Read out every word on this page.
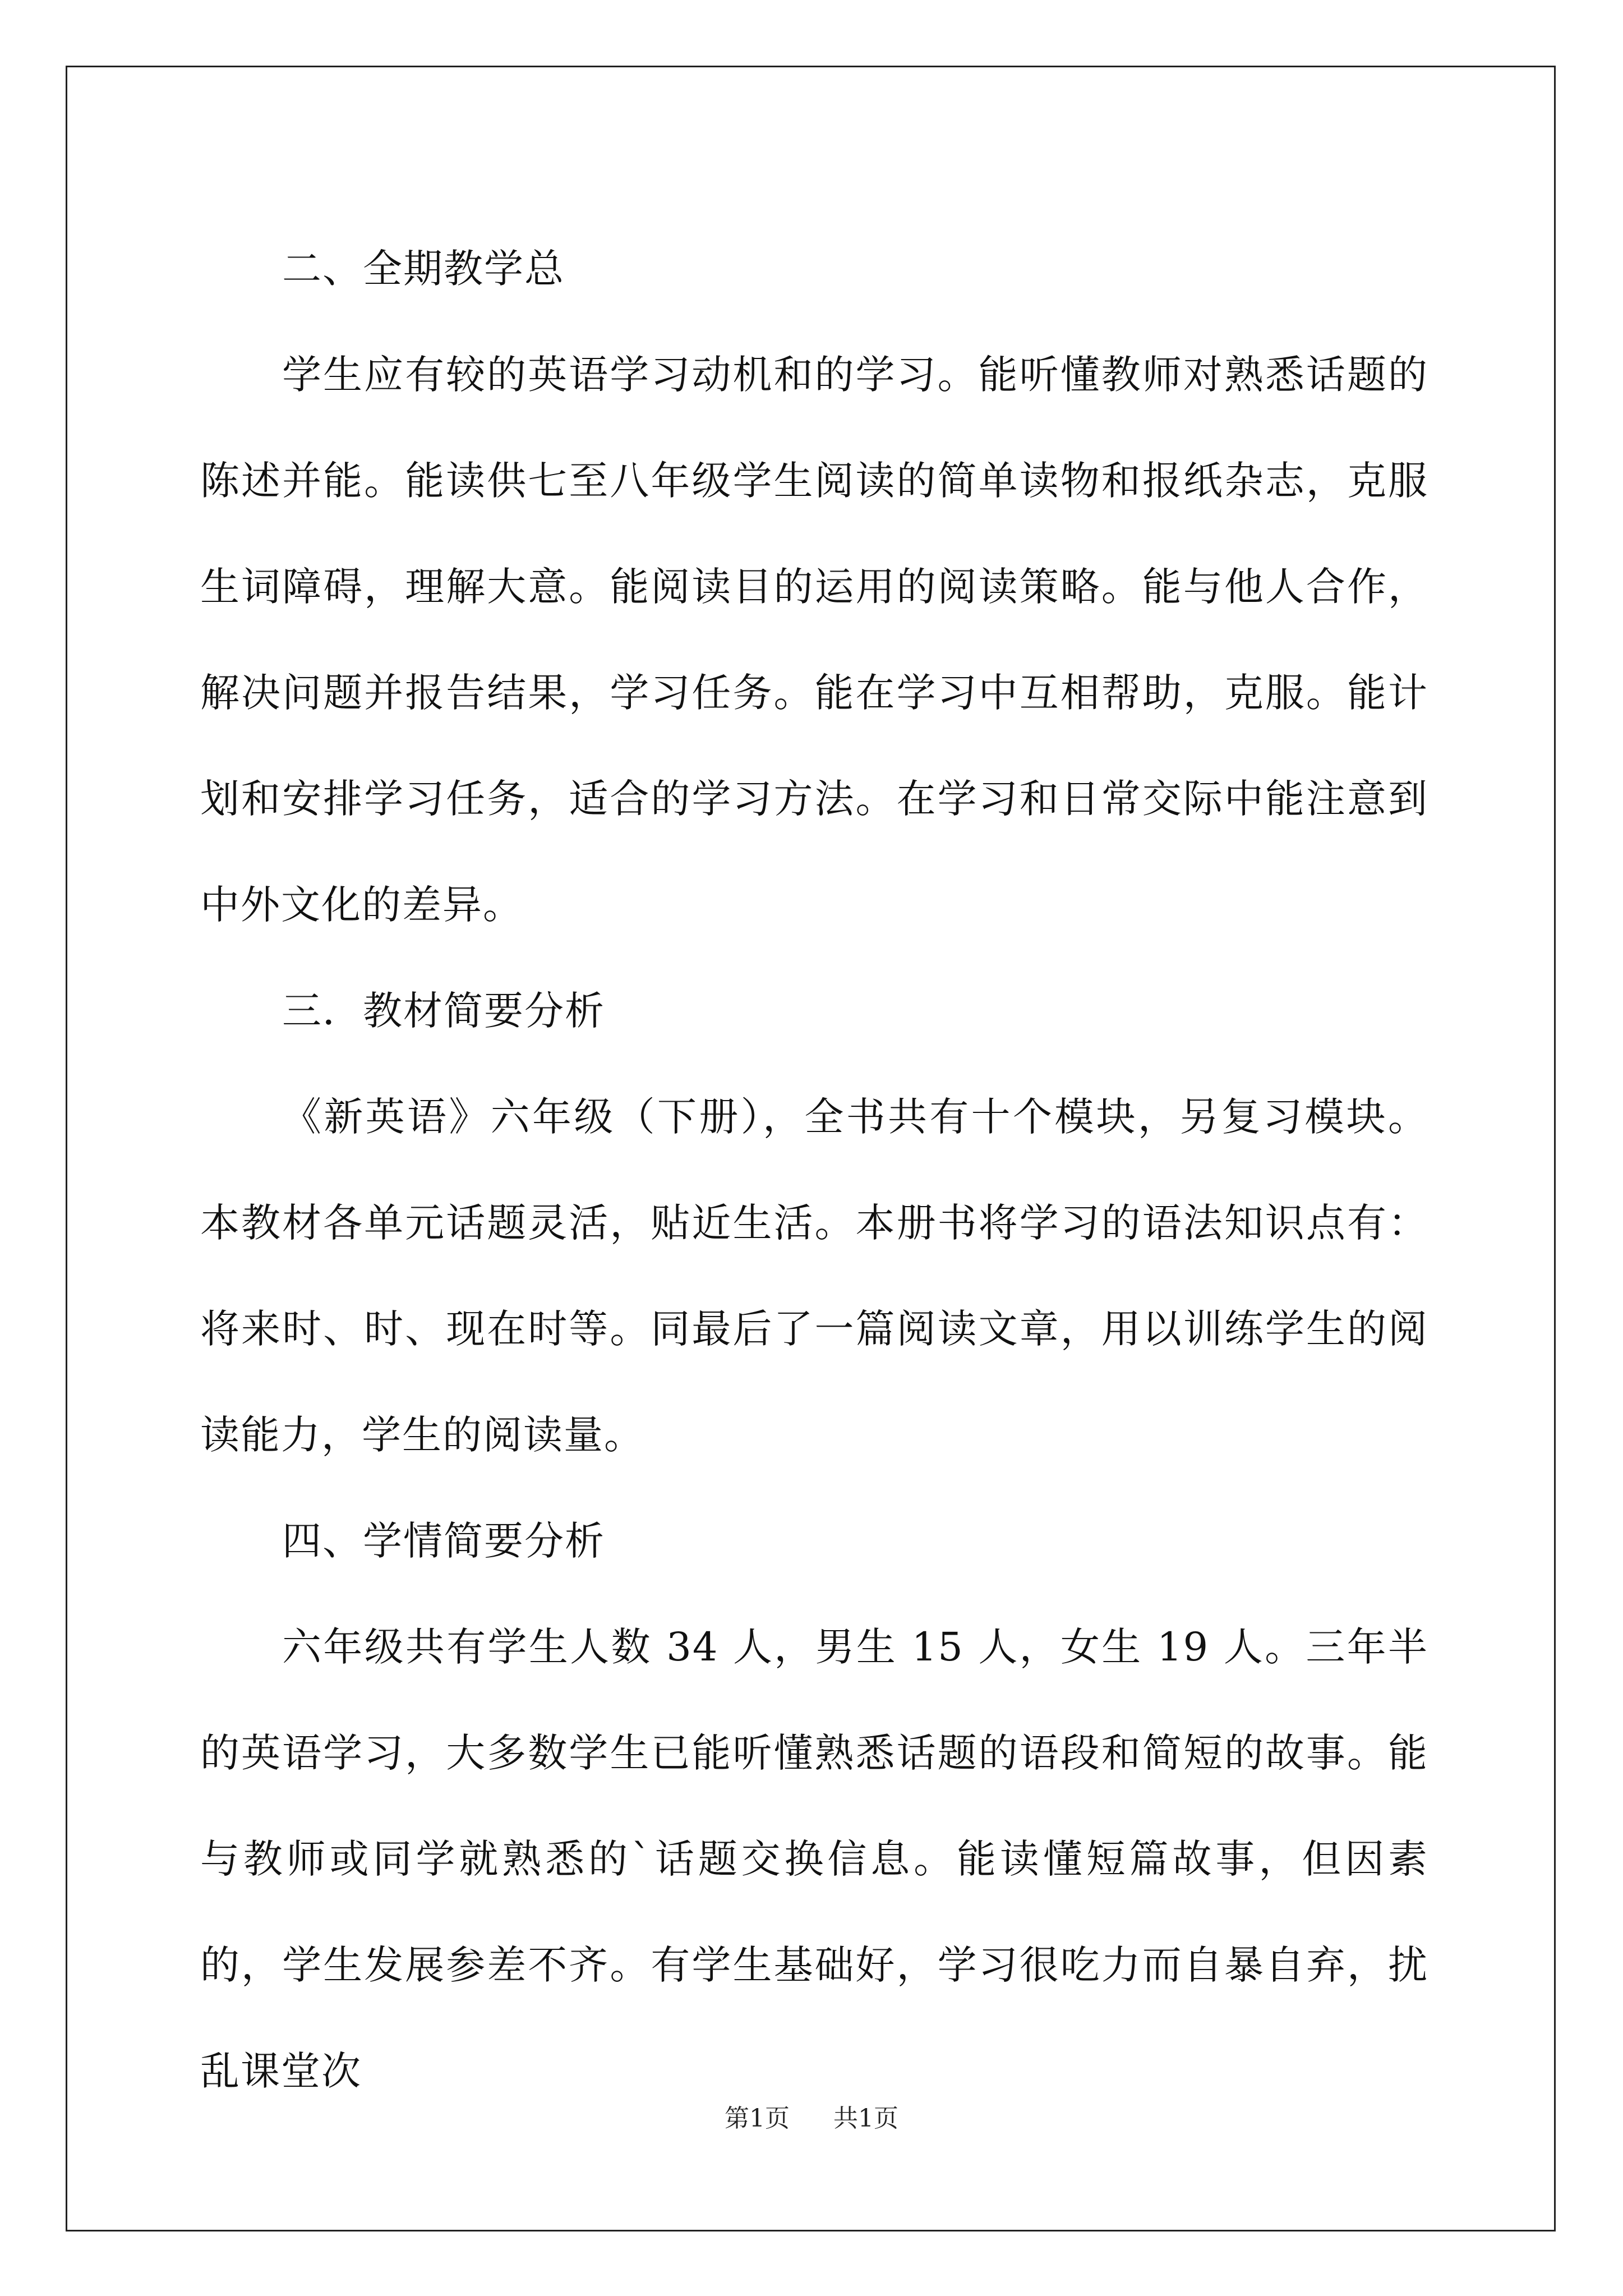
二、全期教学总

学生应有较的英语学习动机和的学习。能听懂教师对熟悉话题的陈述并能。能读供七至八年级学生阅读的简单读物和报纸杂志，克服生词障碍，理解大意。能阅读目的运用的阅读策略。能与他人合作，解决问题并报告结果，学习任务。能在学习中互相帮助，克服。能计划和安排学习任务，适合的学习方法。在学习和日常交际中能注意到中外文化的差异。

三．教材简要分析

《新英语》六年级（下册），全书共有十个模块，另复习模块。本教材各单元话题灵活，贴近生活。本册书将学习的语法知识点有：将来时、时、现在时等。同最后了一篇阅读文章，用以训练学生的阅读能力，学生的阅读量。

四、学情简要分析

六年级共有学生人数 34 人，男生 15 人，女生 19 人。三年半的英语学习，大多数学生已能听懂熟悉话题的语段和简短的故事。能与教师或同学就熟悉的`话题交换信息。能读懂短篇故事，但因素的，学生发展参差不齐。有学生基础好，学习很吃力而自暴自弃，扰乱课堂次

第1页 共1页
